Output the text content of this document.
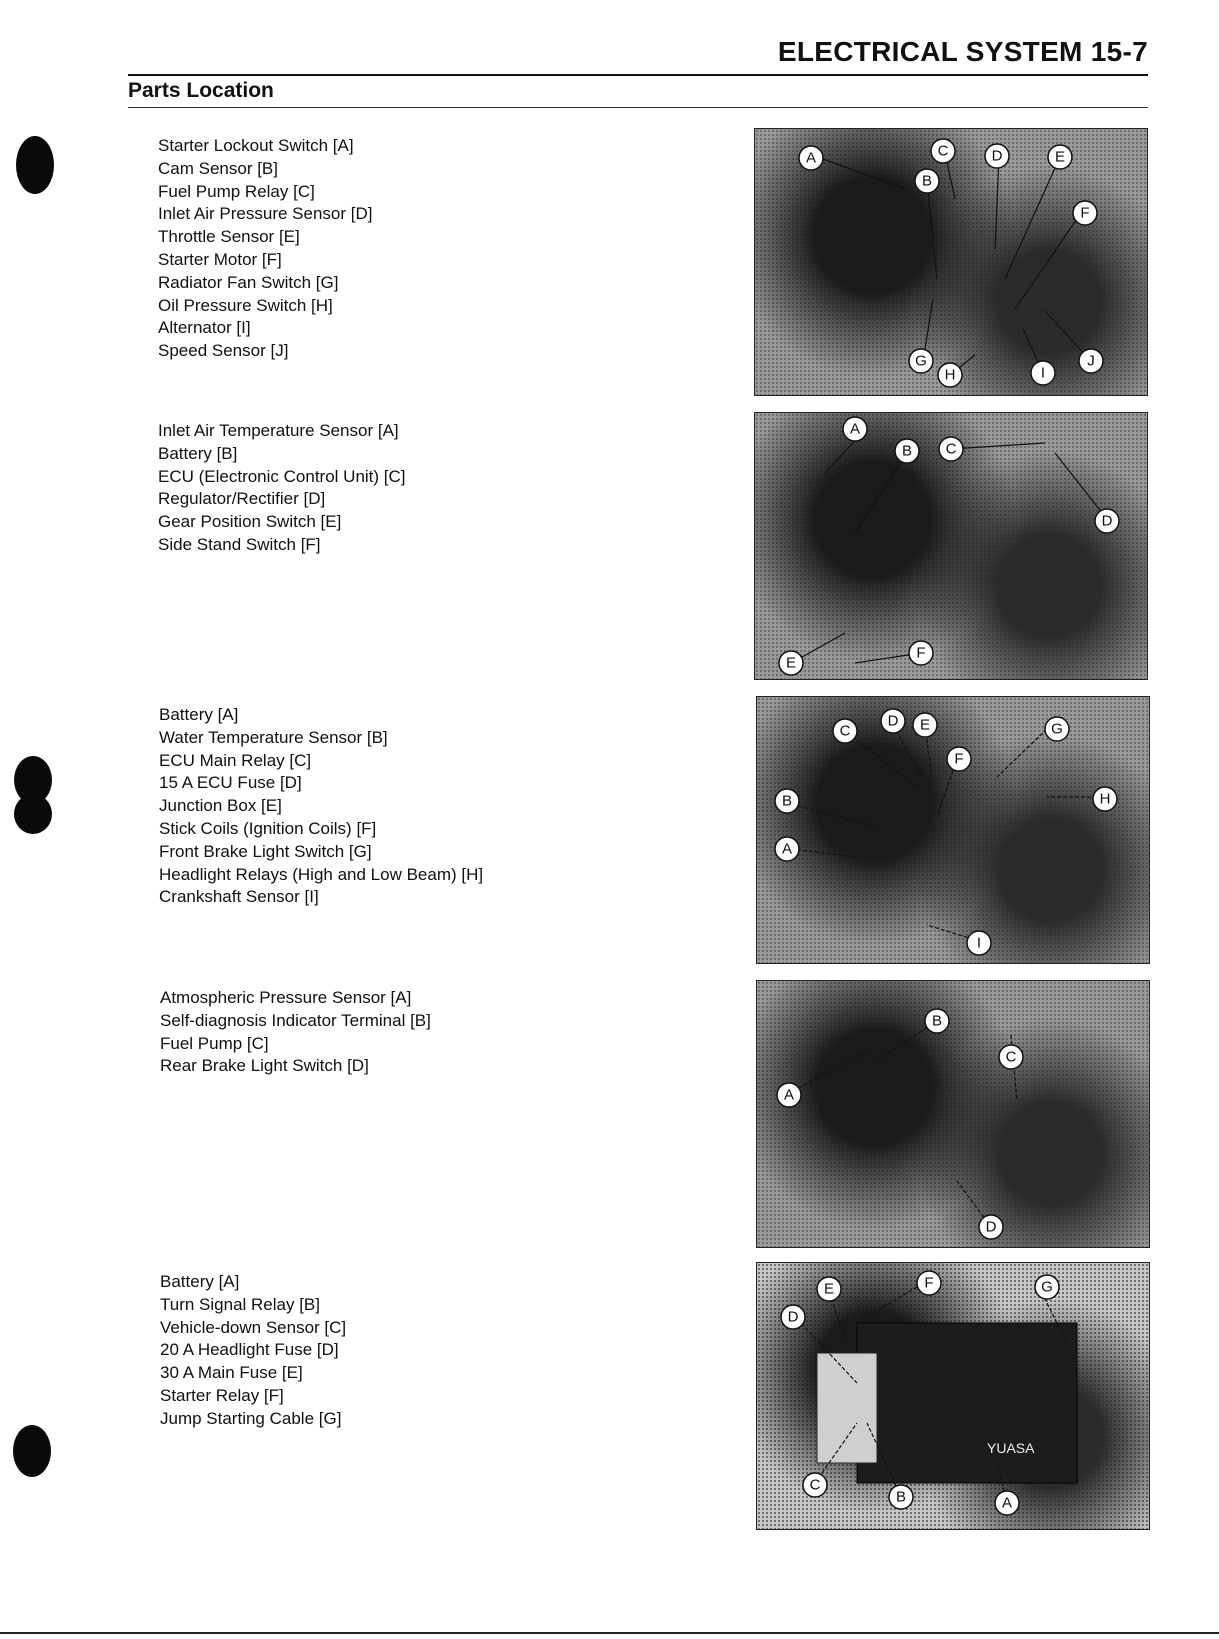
ELECTRICAL SYSTEM 15-7
Parts Location
Starter Lockout Switch [A]
Cam Sensor [B]
Fuel Pump Relay [C]
Inlet Air Pressure Sensor [D]
Throttle Sensor [E]
Starter Motor [F]
Radiator Fan Switch [G]
Oil Pressure Switch [H]
Alternator [I]
Speed Sensor [J]
A
B
C	D	E
F
G
H	I
J
Inlet Air Temperature Sensor [A]
Battery [B]
ECU (Electronic Control Unit) [C]
Regulator/Rectifier [D]
Gear Position Switch [E]
Side Stand Switch [F]
A
B C
D
E
F
Battery [A]
Water Temperature Sensor [B]
ECU Main Relay [C]
15 A ECU Fuse [D]
Junction Box [E]
Stick Coils (Ignition Coils) [F]
Front Brake Light Switch [G]
Headlight Relays (High and Low Beam) [H]
Crankshaft Sensor [I]
A
B
C
D E
F
G
H
I
Atmospheric Pressure Sensor [A]
Self-diagnosis Indicator Terminal [B]
Fuel Pump [C]
Rear Brake Light Switch [D]
A
B
C
D
Battery [A]
Turn Signal Relay [B]
Vehicle-down Sensor [C]
20 A Headlight Fuse [D]
30 A Main Fuse [E]
Starter Relay [F]
Jump Starting Cable [G]
YUASA
A
B
C
D
E	F	G
